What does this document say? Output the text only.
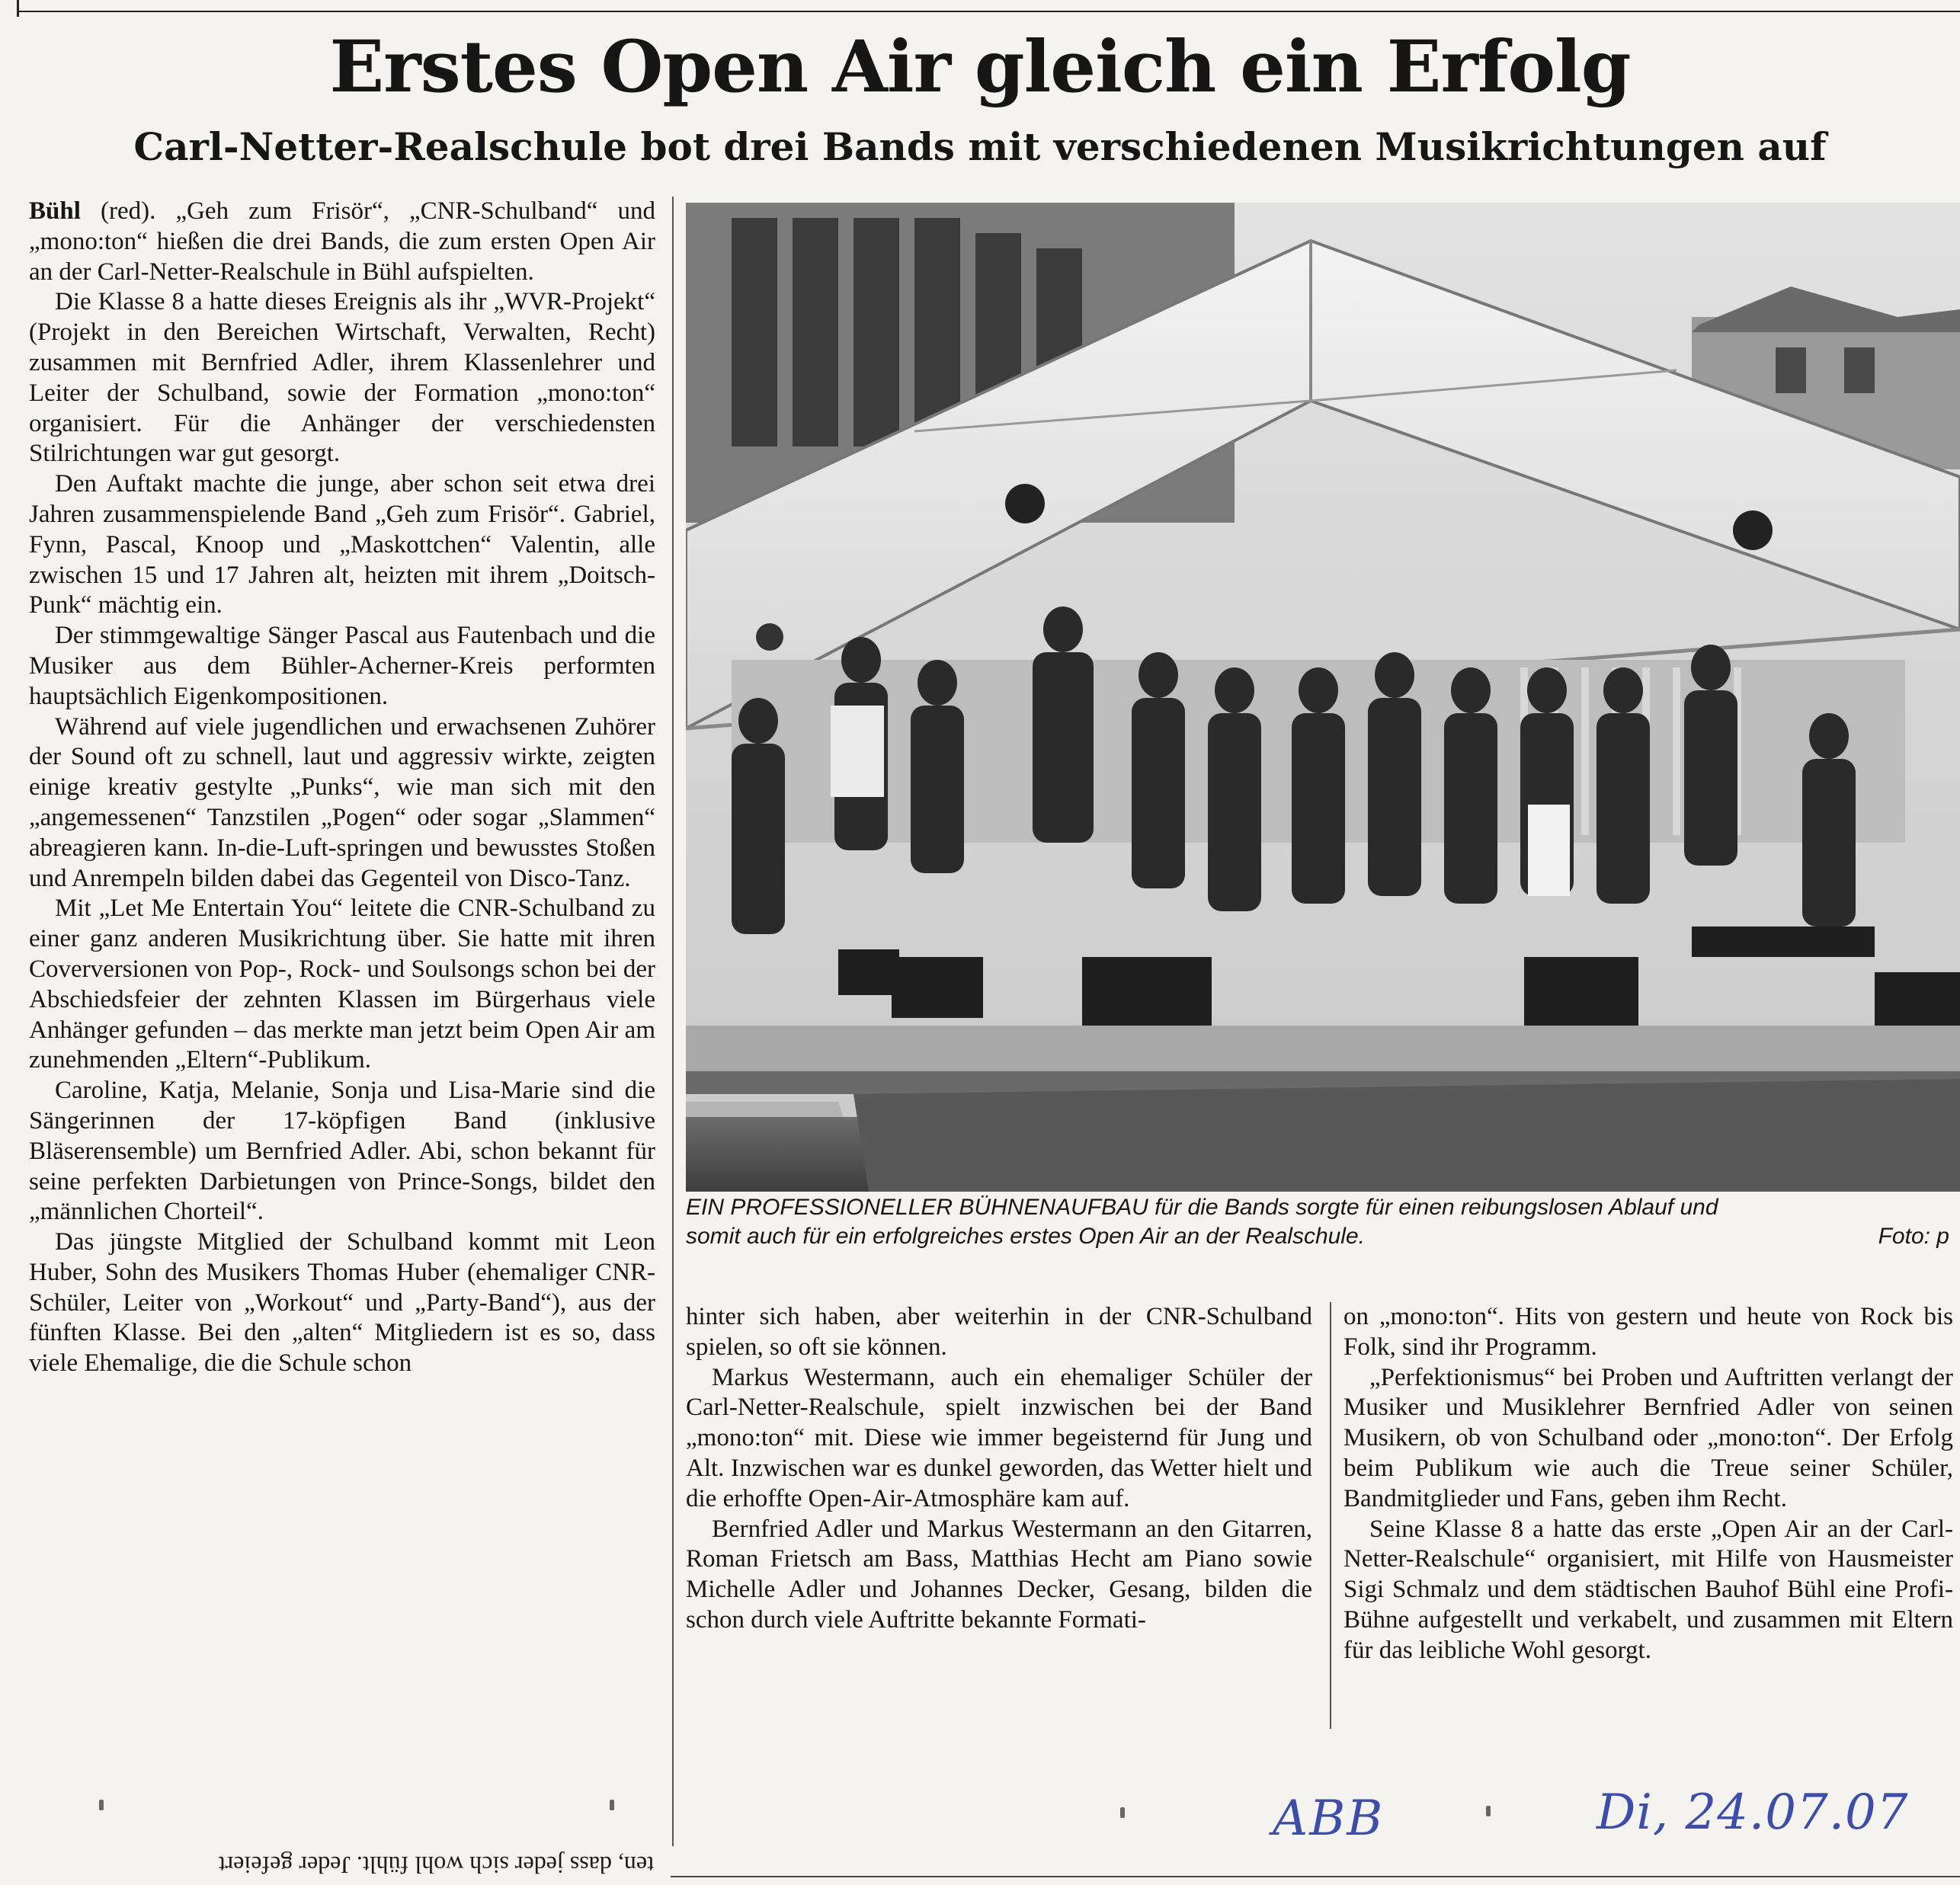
Erstes Open Air gleich ein Erfolg
Carl-Netter-Realschule bot drei Bands mit verschiedenen Musikrichtungen auf

Bühl (red). „Geh zum Frisör“, „CNR-Schulband“ und „mono:ton“ hießen die drei Bands, die zum ersten Open Air an der Carl-Netter-Realschule in Bühl aufspielten.

Die Klasse 8 a hatte dieses Ereignis als ihr „WVR-Projekt“ (Projekt in den Bereichen Wirtschaft, Verwalten, Recht) zusammen mit Bernfried Adler, ihrem Klassenlehrer und Leiter der Schulband, sowie der Formation „mono:ton“ organisiert. Für die Anhänger der verschiedensten Stilrichtungen war gut gesorgt.

Den Auftakt machte die junge, aber schon seit etwa drei Jahren zusammenspielende Band „Geh zum Frisör“. Gabriel, Fynn, Pascal, Knoop und „Maskottchen“ Valentin, alle zwischen 15 und 17 Jahren alt, heizten mit ihrem „Doitsch-Punk“ mächtig ein.

Der stimmgewaltige Sänger Pascal aus Fautenbach und die Musiker aus dem Bühler-Acherner-Kreis performten hauptsächlich Eigenkompositionen.

Während auf viele jugendlichen und erwachsenen Zuhörer der Sound oft zu schnell, laut und aggressiv wirkte, zeigten einige kreativ gestylte „Punks“, wie man sich mit den „angemessenen“ Tanzstilen „Pogen“ oder sogar „Slammen“ abreagieren kann. In-die-Luft-springen und bewusstes Stoßen und Anrempeln bilden dabei das Gegenteil von Disco-Tanz.

Mit „Let Me Entertain You“ leitete die CNR-Schulband zu einer ganz anderen Musikrichtung über. Sie hatte mit ihren Coverversionen von Pop-, Rock- und Soulsongs schon bei der Abschiedsfeier der zehnten Klassen im Bürgerhaus viele Anhänger gefunden – das merkte man jetzt beim Open Air am zunehmenden „Eltern“-Publikum.

Caroline, Katja, Melanie, Sonja und Lisa-Marie sind die Sängerinnen der 17-köpfigen Band (inklusive Bläserensemble) um Bernfried Adler. Abi, schon bekannt für seine perfekten Darbietungen von Prince-Songs, bildet den „männlichen Chorteil“.

Das jüngste Mitglied der Schulband kommt mit Leon Huber, Sohn des Musikers Thomas Huber (ehemaliger CNR-Schüler, Leiter von „Workout“ und „Party-Band“), aus der fünften Klasse. Bei den „alten“ Mitgliedern ist es so, dass viele Ehemalige, die die Schule schon

EIN PROFESSIONELLER BÜHNENAUFBAU für die Bands sorgte für einen reibungslosen Ablauf und
somit auch für ein erfolgreiches erstes Open Air an der Realschule.	Foto: p

hinter sich haben, aber weiterhin in der CNR-Schulband spielen, so oft sie können.

Markus Westermann, auch ein ehemaliger Schüler der Carl-Netter-Realschule, spielt inzwischen bei der Band „mono:ton“ mit. Diese wie immer begeisternd für Jung und Alt. Inzwischen war es dunkel geworden, das Wetter hielt und die erhoffte Open-Air-Atmosphäre kam auf.

Bernfried Adler und Markus Westermann an den Gitarren, Roman Frietsch am Bass, Matthias Hecht am Piano sowie Michelle Adler und Johannes Decker, Gesang, bilden die schon durch viele Auftritte bekannte Formati-

on „mono:ton“. Hits von gestern und heute von Rock bis Folk, sind ihr Programm.

„Perfektionismus“ bei Proben und Auftritten verlangt der Musiker und Musiklehrer Bernfried Adler von seinen Musikern, ob von Schulband oder „mono:ton“. Der Erfolg beim Publikum wie auch die Treue seiner Schüler, Bandmitglieder und Fans, geben ihm Recht.

Seine Klasse 8 a hatte das erste „Open Air an der Carl-Netter-Realschule“ organisiert, mit Hilfe von Hausmeister Sigi Schmalz und dem städtischen Bauhof Bühl eine Profi-Bühne aufgestellt und verkabelt, und zusammen mit Eltern für das leibliche Wohl gesorgt.

ABB	Di, 24.07.07
ten, dass jeder sich wohl fühlt. Jeder gefeiert
